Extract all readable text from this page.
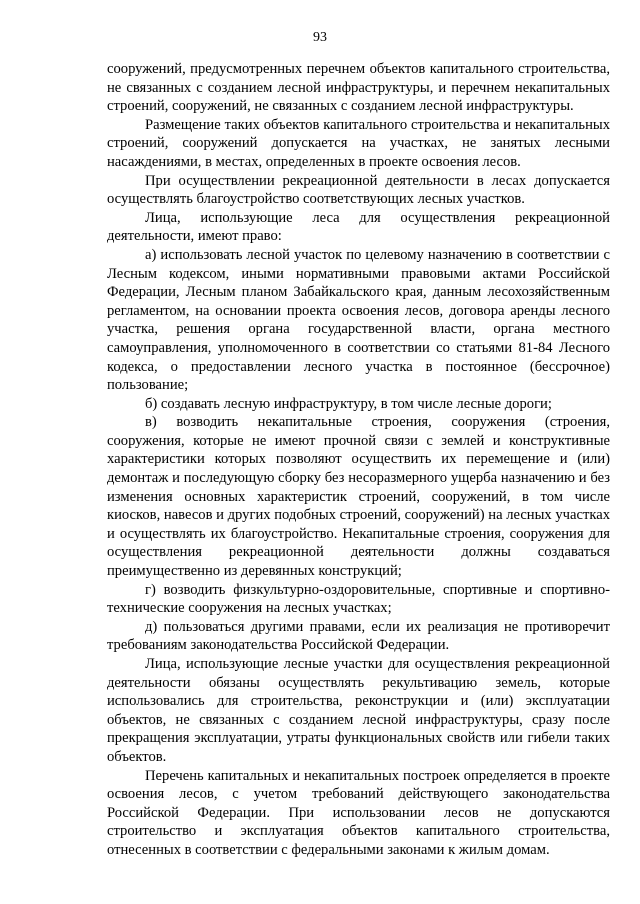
93

сооружений, предусмотренных перечнем объектов капитального строительства, не связанных с созданием лесной инфраструктуры, и перечнем некапитальных строений, сооружений, не связанных с созданием лесной инфраструктуры.

Размещение таких объектов капитального строительства и некапитальных строений, сооружений допускается на участках, не занятых лесными насаждениями, в местах, определенных в проекте освоения лесов.

При осуществлении рекреационной деятельности в лесах допускается осуществлять благоустройство соответствующих лесных участков.

Лица, использующие леса для осуществления рекреационной деятельности, имеют право:

а) использовать лесной участок по целевому назначению в соответствии с Лесным кодексом, иными нормативными правовыми актами Российской Федерации, Лесным планом Забайкальского края, данным лесохозяйственным регламентом, на основании проекта освоения лесов, договора аренды лесного участка, решения органа государственной власти, органа местного самоуправления, уполномоченного в соответствии со статьями 81-84 Лесного кодекса, о предоставлении лесного участка в постоянное (бессрочное) пользование;

б) создавать лесную инфраструктуру, в том числе лесные дороги;

в) возводить некапитальные строения, сооружения (строения, сооружения, которые не имеют прочной связи с землей и конструктивные характеристики которых позволяют осуществить их перемещение и (или) демонтаж и последующую сборку без несоразмерного ущерба назначению и без изменения основных характеристик строений, сооружений, в том числе киосков, навесов и других подобных строений, сооружений) на лесных участках и осуществлять их благоустройство. Некапитальные строения, сооружения для осуществления рекреационной деятельности должны создаваться преимущественно из деревянных конструкций;

г) возводить физкультурно-оздоровительные, спортивные и спортивно-технические сооружения на лесных участках;

д) пользоваться другими правами, если их реализация не противоречит требованиям законодательства Российской Федерации.

Лица, использующие лесные участки для осуществления рекреационной деятельности обязаны осуществлять рекультивацию земель, которые использовались для строительства, реконструкции и (или) эксплуатации объектов, не связанных с созданием лесной инфраструктуры, сразу после прекращения эксплуатации, утраты функциональных свойств или гибели таких объектов.

Перечень капитальных и некапитальных построек определяется в проекте освоения лесов, с учетом требований действующего законодательства Российской Федерации. При использовании лесов не допускаются строительство и эксплуатация объектов капитального строительства, отнесенных в соответствии с федеральными законами к жилым домам.
